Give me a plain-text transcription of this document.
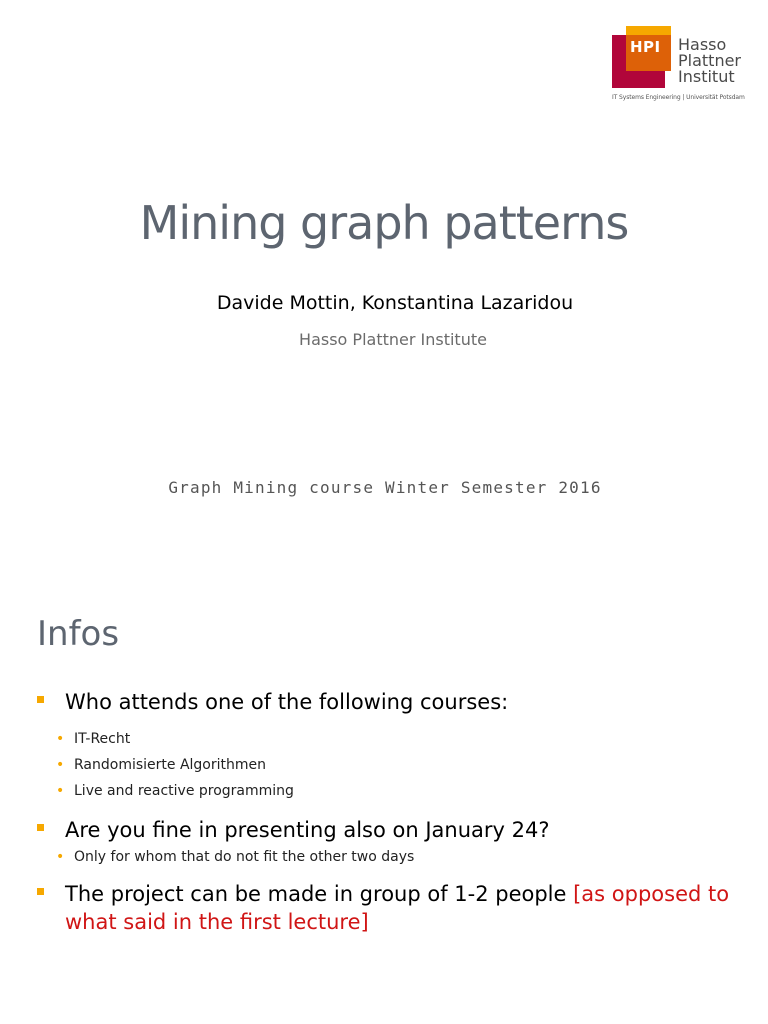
HPI Hasso
Plattner
Institut
IT Systems Engineering | Universität Potsdam
Mining graph patterns
Davide Mottin, Konstantina Lazaridou
Hasso Plattner Institute
Graph Mining course Winter Semester 2016
Infos
Who attends one of the following courses:
• IT-Recht
• Randomisierte Algorithmen
• Live and reactive programming
Are you fine in presenting also on January 24?
• Only for whom that do not fit the other two days
The project can be made in group of 1-2 people [as opposed to what said in the first lecture]
